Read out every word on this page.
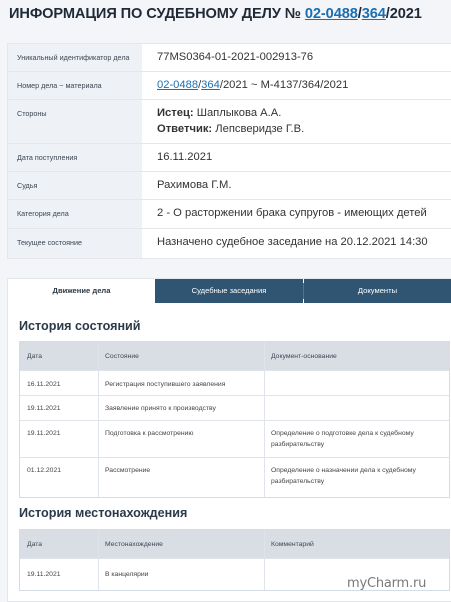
ИНФОРМАЦИЯ ПО СУДЕБНОМУ ДЕЛУ № 02-0488/364/2021
Уникальный идентификатор дела	77MS0364-01-2021-002913-76
Номер дела ~ материала	02-0488/364/2021 ~ М-4137/364/2021
Стороны	Истец: Шаплыкова А.А.
Ответчик: Лепсверидзе Г.В.
Дата поступления	16.11.2021
Судья	Рахимова Г.М.
Категория дела	2 - О расторжении брака супругов - имеющих детей
Текущее состояние	Назначено судебное заседание на 20.12.2021 14:30
Движение дела	Судебные заседания	Документы
История состояний
Дата	Состояние	Документ-основание
16.11.2021	Регистрация поступившего заявления
19.11.2021	Заявление принято к производству
19.11.2021	Подготовка к рассмотрению	Определение о подготовке дела к судебному разбирательству
01.12.2021	Рассмотрение	Определение о назначении дела к судебному разбирательству
История местонахождения
Дата	Местонахождение	Комментарий
19.11.2021	В канцелярии
myCharm.ru
